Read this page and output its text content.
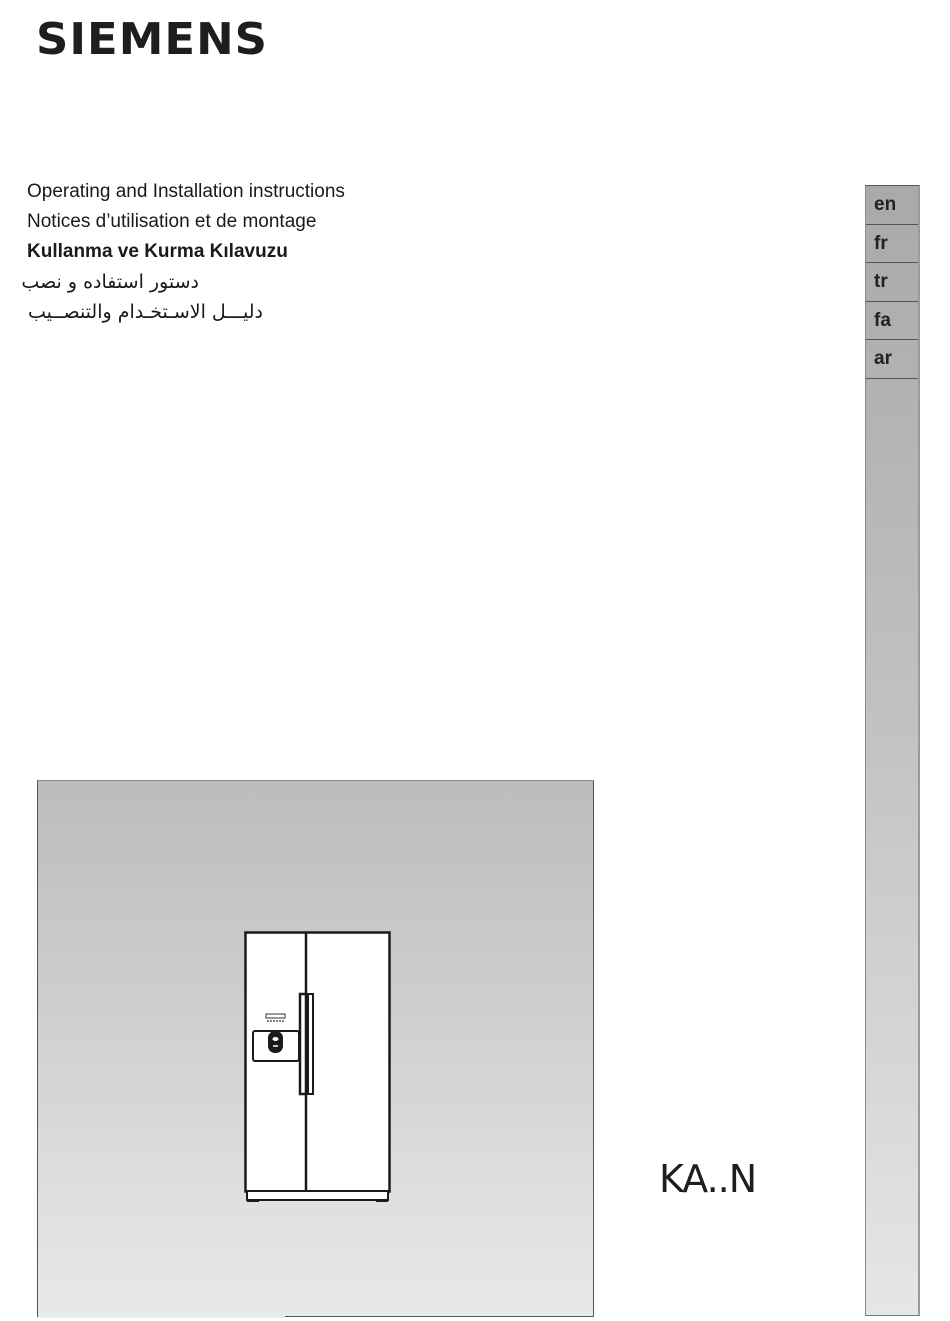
SIEMENS
Operating and Installation instructions
Notices d’utilisation et de montage
Kullanma ve Kurma Kılavuzu
دستور استفاده و نصب
دليـــل الاسـتخـدام والتنصــيب
en
fr
tr
fa
ar
KA..N
